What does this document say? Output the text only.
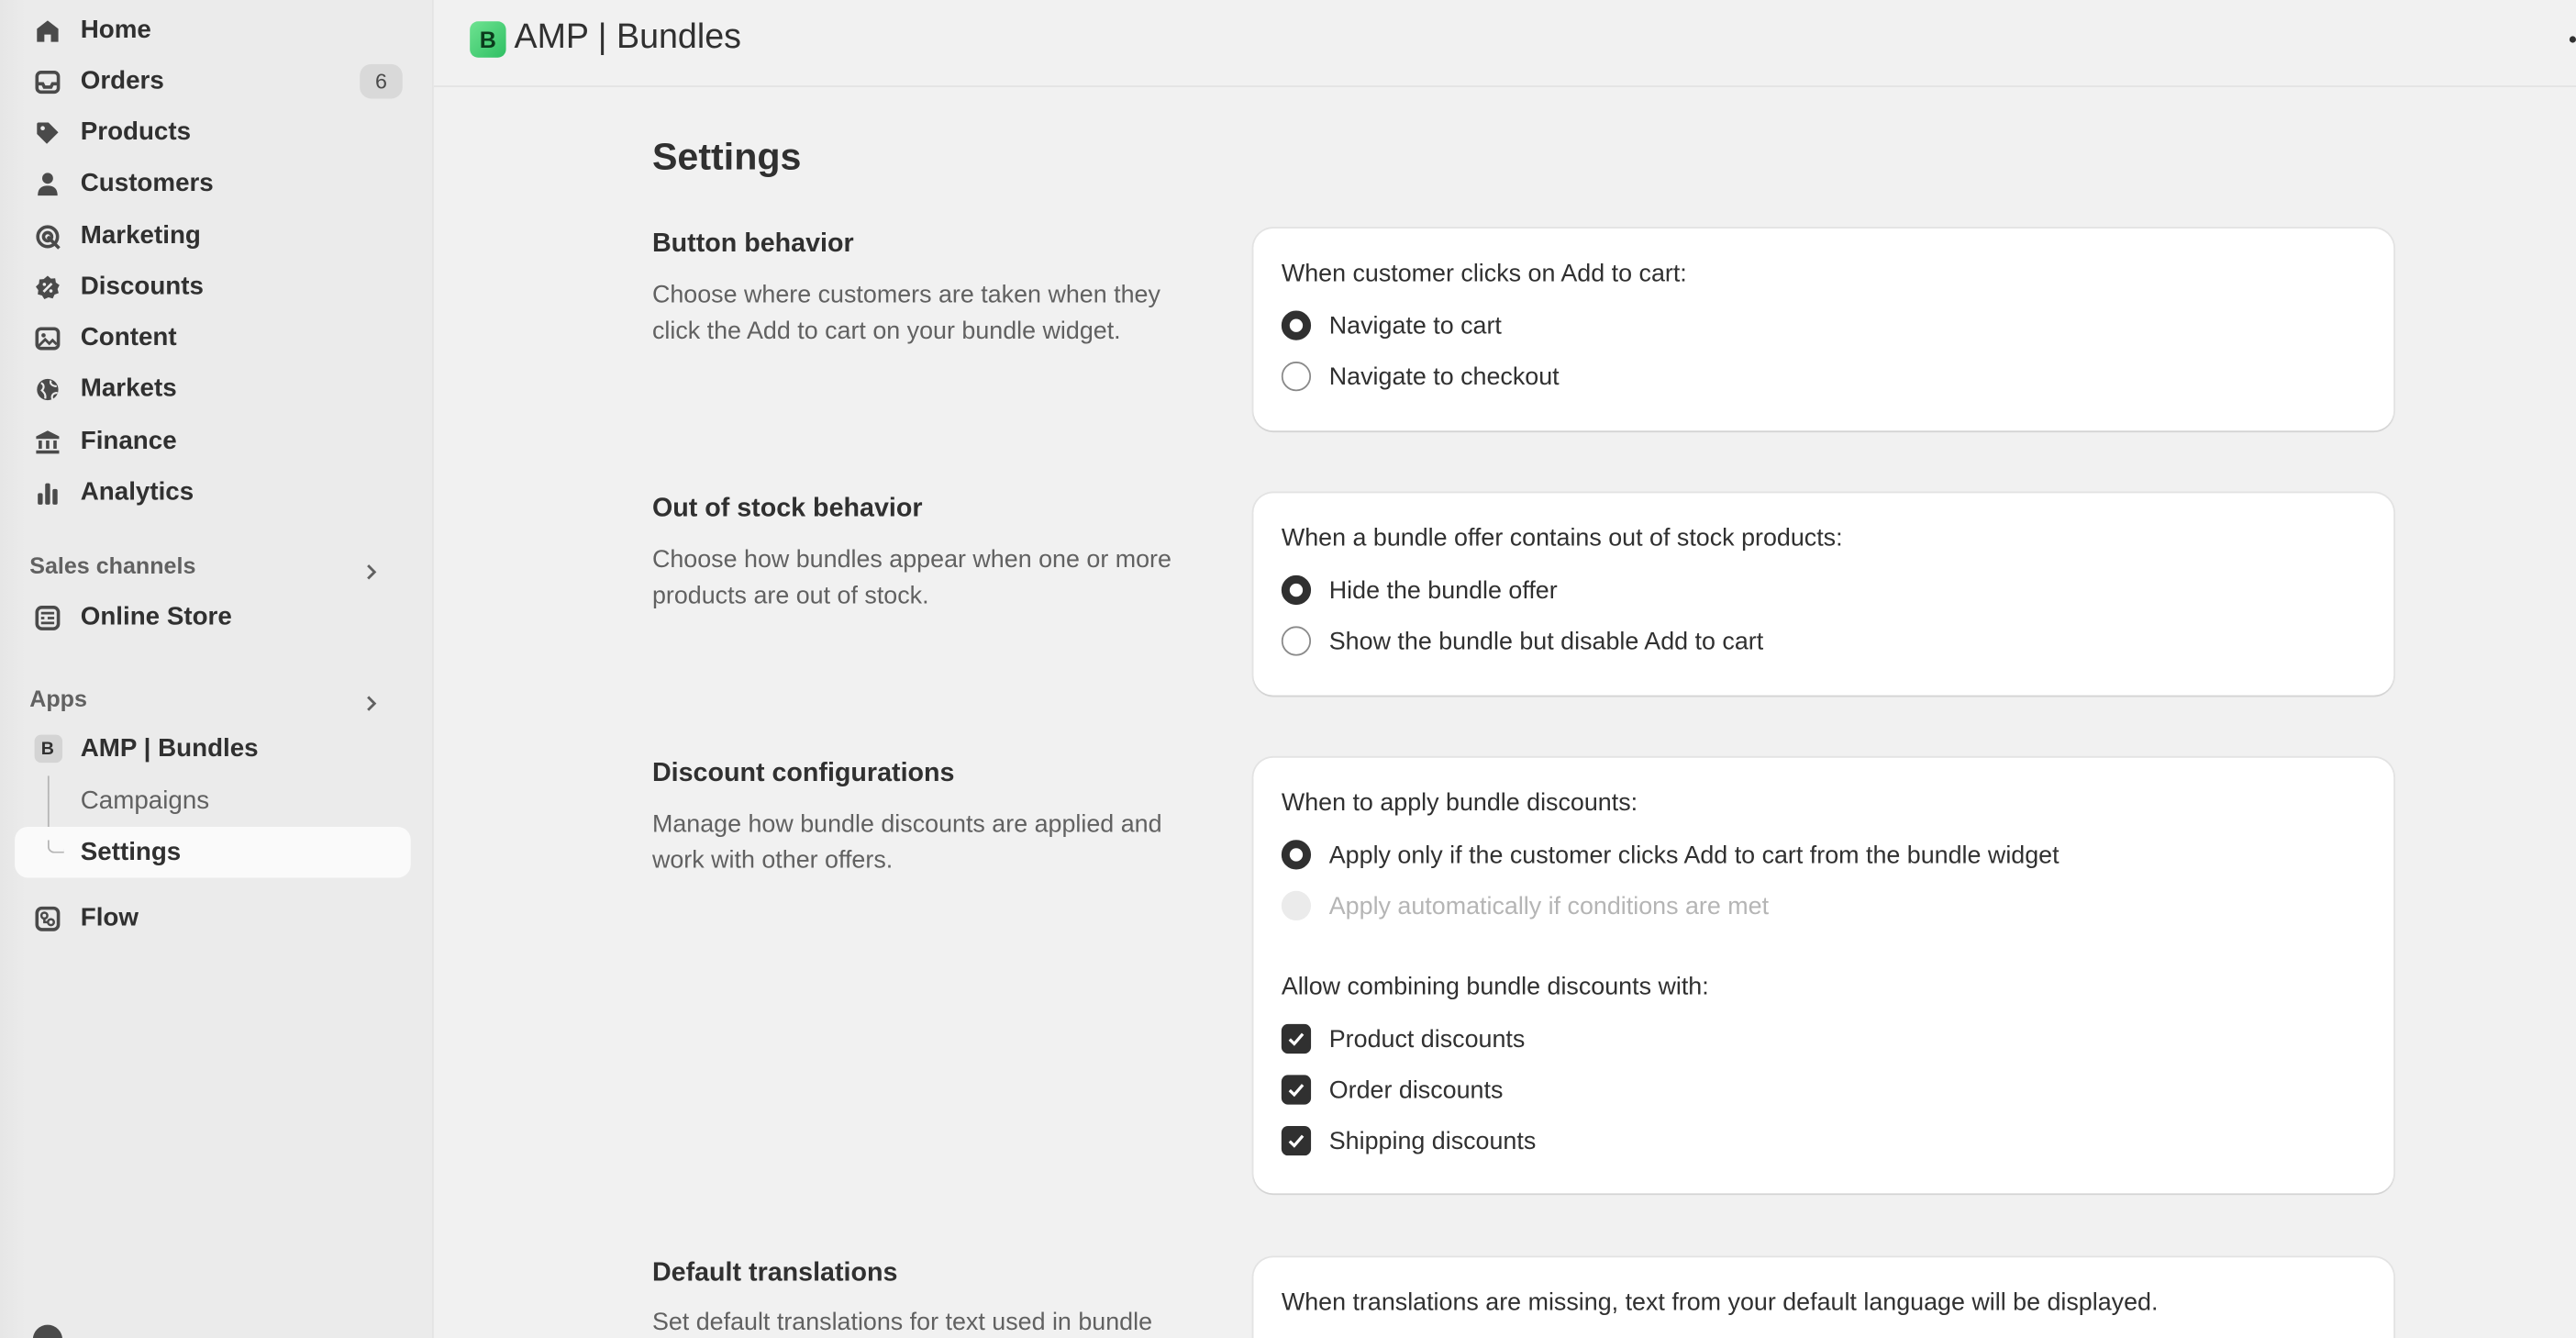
Home
Orders	6
Products
Customers
Marketing
Discounts
Content
Markets
Finance
Analytics
Sales channels
Online Store
Apps
B	AMP | Bundles
Campaigns
Settings
Flow
B AMP | Bundles
Settings
Button behavior
Choose where customers are taken when they click the Add to cart on your bundle widget.
When customer clicks on Add to cart:
Navigate to cart
Navigate to checkout
Out of stock behavior
Choose how bundles appear when one or more products are out of stock.
When a bundle offer contains out of stock products:
Hide the bundle offer
Show the bundle but disable Add to cart
Discount configurations
Manage how bundle discounts are applied and work with other offers.
When to apply bundle discounts:
Apply only if the customer clicks Add to cart from the bundle widget
Apply automatically if conditions are met
Allow combining bundle discounts with:
Product discounts
Order discounts
Shipping discounts
Default translations
Set default translations for text used in bundle
When translations are missing, text from your default language will be displayed.
